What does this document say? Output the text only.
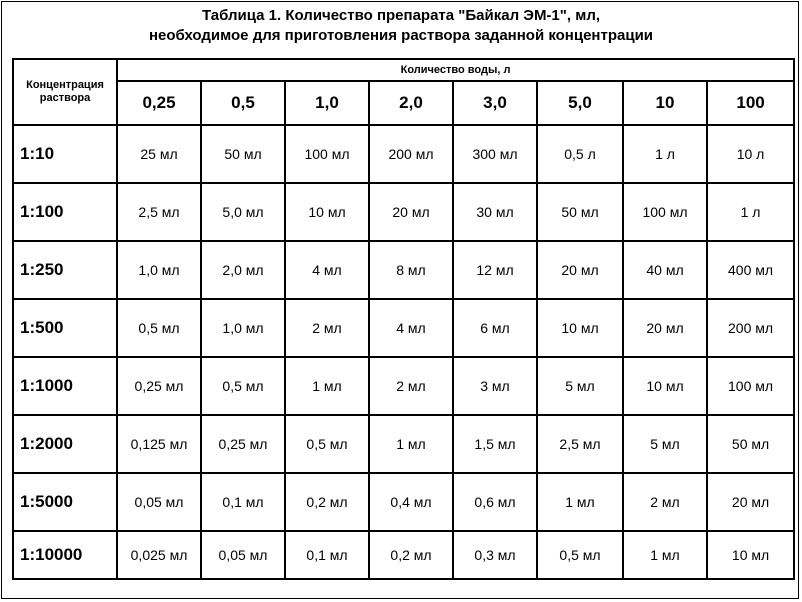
Таблица 1. Количество препарата "Байкал ЭМ-1", мл,
необходимое для приготовления раствора заданной концентрации
Концентрация раствора	Количество воды, л							
	0,25	0,5	1,0	2,0	3,0	5,0	10	100
1:10	25 мл	50 мл	100 мл	200 мл	300 мл	0,5 л	1 л	10 л
1:100	2,5 мл	5,0 мл	10 мл	20 мл	30 мл	50 мл	100 мл	1 л
1:250	1,0 мл	2,0 мл	4 мл	8 мл	12 мл	20 мл	40 мл	400 мл
1:500	0,5 мл	1,0 мл	2 мл	4 мл	6 мл	10 мл	20 мл	200 мл
1:1000	0,25 мл	0,5 мл	1 мл	2 мл	3 мл	5 мл	10 мл	100 мл
1:2000	0,125 мл	0,25 мл	0,5 мл	1 мл	1,5 мл	2,5 мл	5 мл	50 мл
1:5000	0,05 мл	0,1 мл	0,2 мл	0,4 мл	0,6 мл	1 мл	2 мл	20 мл
1:10000	0,025 мл	0,05 мл	0,1 мл	0,2 мл	0,3 мл	0,5 мл	1 мл	10 мл
